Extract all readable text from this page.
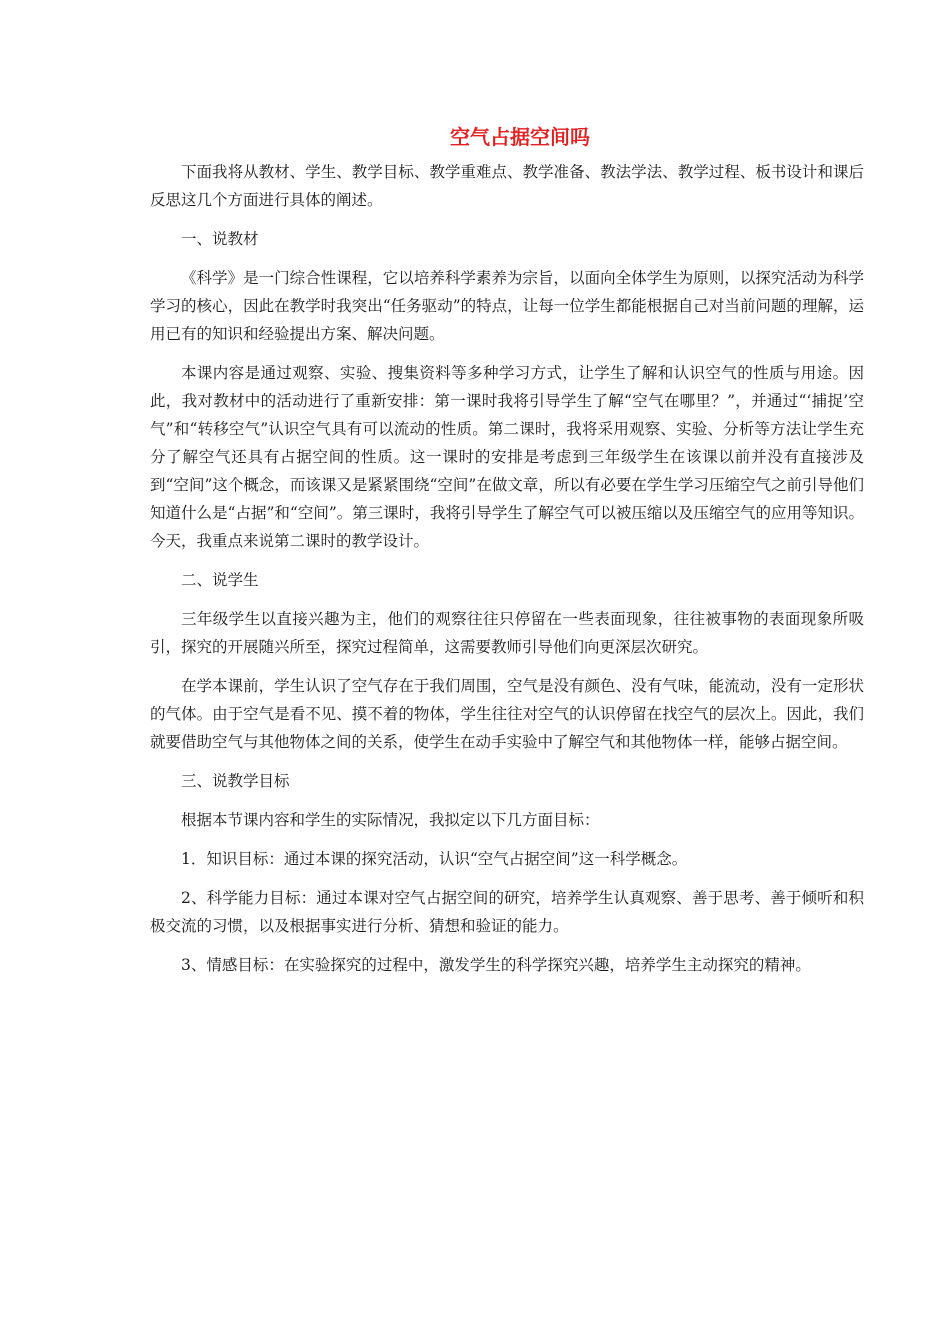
空气占据空间吗

下面我将从教材、学生、教学目标、教学重难点、教学准备、教法学法、教学过程、板书设计和课后反思这几个方面进行具体的阐述。

一、说教材

《科学》是一门综合性课程，它以培养科学素养为宗旨，以面向全体学生为原则，以探究活动为科学学习的核心，因此在教学时我突出“任务驱动”的特点，让每一位学生都能根据自己对当前问题的理解，运用已有的知识和经验提出方案、解决问题。

本课内容是通过观察、实验、搜集资料等多种学习方式，让学生了解和认识空气的性质与用途。因此，我对教材中的活动进行了重新安排：第一课时我将引导学生了解“空气在哪里？”，并通过“‘捕捉’空气”和“转移空气”认识空气具有可以流动的性质。第二课时，我将采用观察、实验、分析等方法让学生充分了解空气还具有占据空间的性质。这一课时的安排是考虑到三年级学生在该课以前并没有直接涉及到“空间”这个概念，而该课又是紧紧围绕“空间”在做文章，所以有必要在学生学习压缩空气之前引导他们知道什么是“占据”和“空间”。第三课时，我将引导学生了解空气可以被压缩以及压缩空气的应用等知识。今天，我重点来说第二课时的教学设计。

二、说学生

三年级学生以直接兴趣为主，他们的观察往往只停留在一些表面现象，往往被事物的表面现象所吸引，探究的开展随兴所至，探究过程简单，这需要教师引导他们向更深层次研究。

在学本课前，学生认识了空气存在于我们周围，空气是没有颜色、没有气味，能流动，没有一定形状的气体。由于空气是看不见、摸不着的物体，学生往往对空气的认识停留在找空气的层次上。因此，我们就要借助空气与其他物体之间的关系，使学生在动手实验中了解空气和其他物体一样，能够占据空间。

三、说教学目标

根据本节课内容和学生的实际情况，我拟定以下几方面目标：

1．知识目标：通过本课的探究活动，认识“空气占据空间”这一科学概念。

2、科学能力目标：通过本课对空气占据空间的研究，培养学生认真观察、善于思考、善于倾听和积极交流的习惯，以及根据事实进行分析、猜想和验证的能力。

3、情感目标：在实验探究的过程中，激发学生的科学探究兴趣，培养学生主动探究的精神。
